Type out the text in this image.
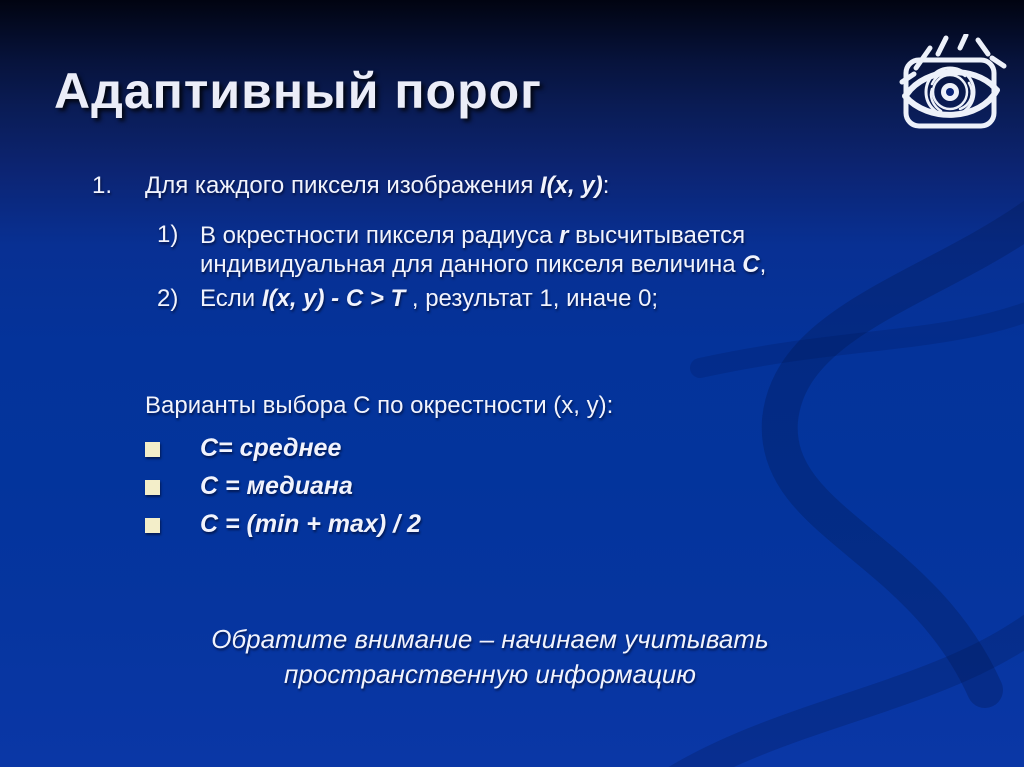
Адаптивный порог
1. Для каждого пикселя изображения I(x, y):
1) В окрестности пикселя радиуса r высчитывается индивидуальная для данного пикселя величина C,
2) Если I(x, y) - C > T , результат 1, иначе 0;
Варианты выбора С по окрестности (x, y):
С= среднее
С = медиана
С = (min + max) / 2
Обратите внимание – начинаем учитывать
пространственную информацию
